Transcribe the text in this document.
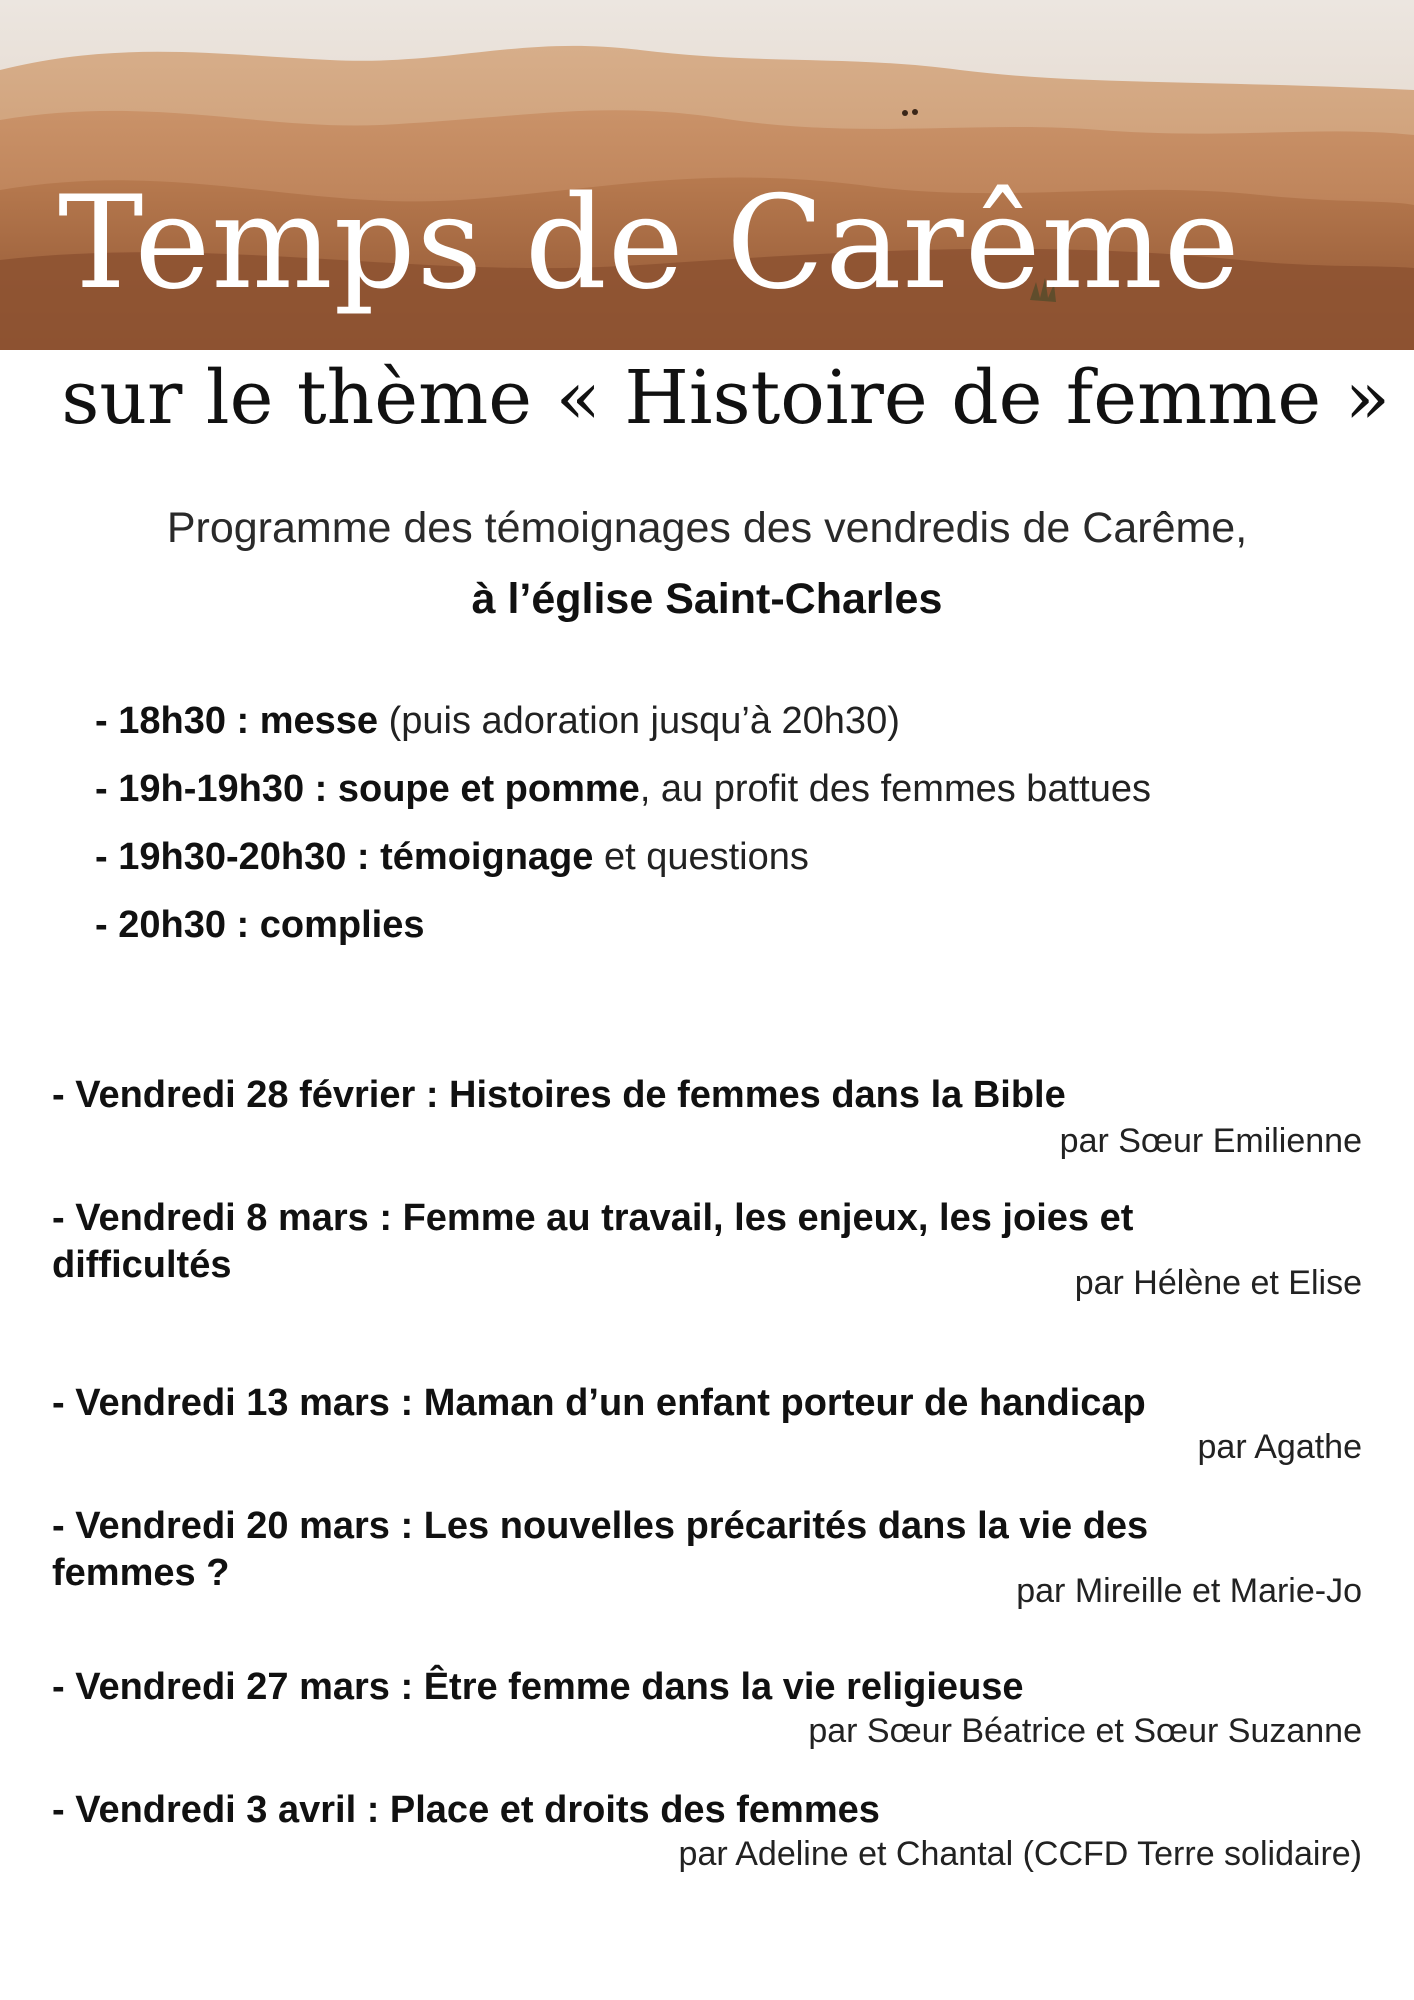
Temps de Carême
sur le thème « Histoire de femme »
Programme des témoignages des vendredis de Carême,
à l’église Saint-Charles
- 18h30 : messe (puis adoration jusqu’à 20h30)
- 19h-19h30 : soupe et pomme, au profit des femmes battues
- 19h30-20h30 : témoignage et questions
- 20h30 : complies
- Vendredi 28 février : Histoires de femmes dans la Bible
par Sœur Emilienne
- Vendredi 8 mars : Femme au travail, les enjeux, les joies et difficultés	par Hélène et Elise
- Vendredi 13 mars : Maman d’un enfant porteur de handicap
par Agathe
- Vendredi 20 mars : Les nouvelles précarités dans la vie des femmes ?	par Mireille et Marie-Jo
- Vendredi 27 mars : Être femme dans la vie religieuse
par Sœur Béatrice et Sœur Suzanne
- Vendredi 3 avril : Place et droits des femmes
par Adeline et Chantal (CCFD Terre solidaire)
